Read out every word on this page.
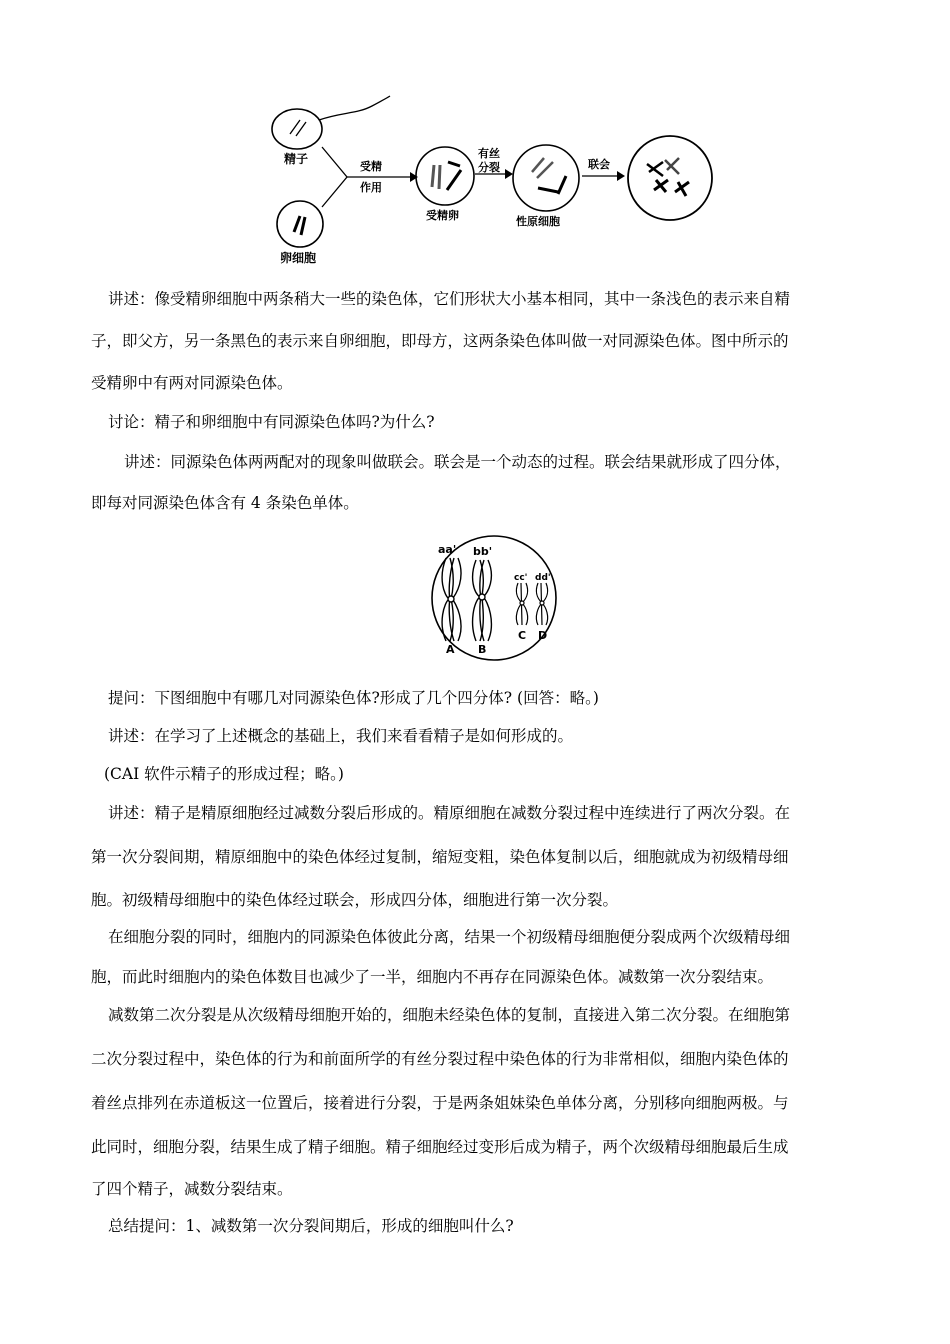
精子
卵细胞
受精
作用
受精卵
有丝
分裂
性原细胞
联会
讲述：像受精卵细胞中两条稍大一些的染色体，它们形状大小基本相同，其中一条浅色的表示来自精
子，即父方，另一条黑色的表示来自卵细胞，即母方，这两条染色体叫做一对同源染色体。图中所示的
受精卵中有两对同源染色体。
讨论：精子和卵细胞中有同源染色体吗?为什么?
讲述：同源染色体两两配对的现象叫做联会。联会是一个动态的过程。联会结果就形成了四分体，
即每对同源染色体含有 4 条染色单体。
aa' bb'
cc' dd'
A B
C D
提问：下图细胞中有哪几对同源染色体?形成了几个四分体? (回答：略。)
讲述：在学习了上述概念的基础上，我们来看看精子是如何形成的。
(CAI 软件示精子的形成过程；略。)
讲述：精子是精原细胞经过减数分裂后形成的。精原细胞在减数分裂过程中连续进行了两次分裂。在
第一次分裂间期，精原细胞中的染色体经过复制，缩短变粗，染色体复制以后，细胞就成为初级精母细
胞。初级精母细胞中的染色体经过联会，形成四分体，细胞进行第一次分裂。
在细胞分裂的同时，细胞内的同源染色体彼此分离，结果一个初级精母细胞便分裂成两个次级精母细
胞，而此时细胞内的染色体数目也减少了一半，细胞内不再存在同源染色体。减数第一次分裂结束。
减数第二次分裂是从次级精母细胞开始的，细胞未经染色体的复制，直接进入第二次分裂。在细胞第
二次分裂过程中，染色体的行为和前面所学的有丝分裂过程中染色体的行为非常相似，细胞内染色体的
着丝点排列在赤道板这一位置后，接着进行分裂，于是两条姐妹染色单体分离，分别移向细胞两极。与
此同时，细胞分裂，结果生成了精子细胞。精子细胞经过变形后成为精子，两个次级精母细胞最后生成
了四个精子，减数分裂结束。
总结提问：1、减数第一次分裂间期后，形成的细胞叫什么?
